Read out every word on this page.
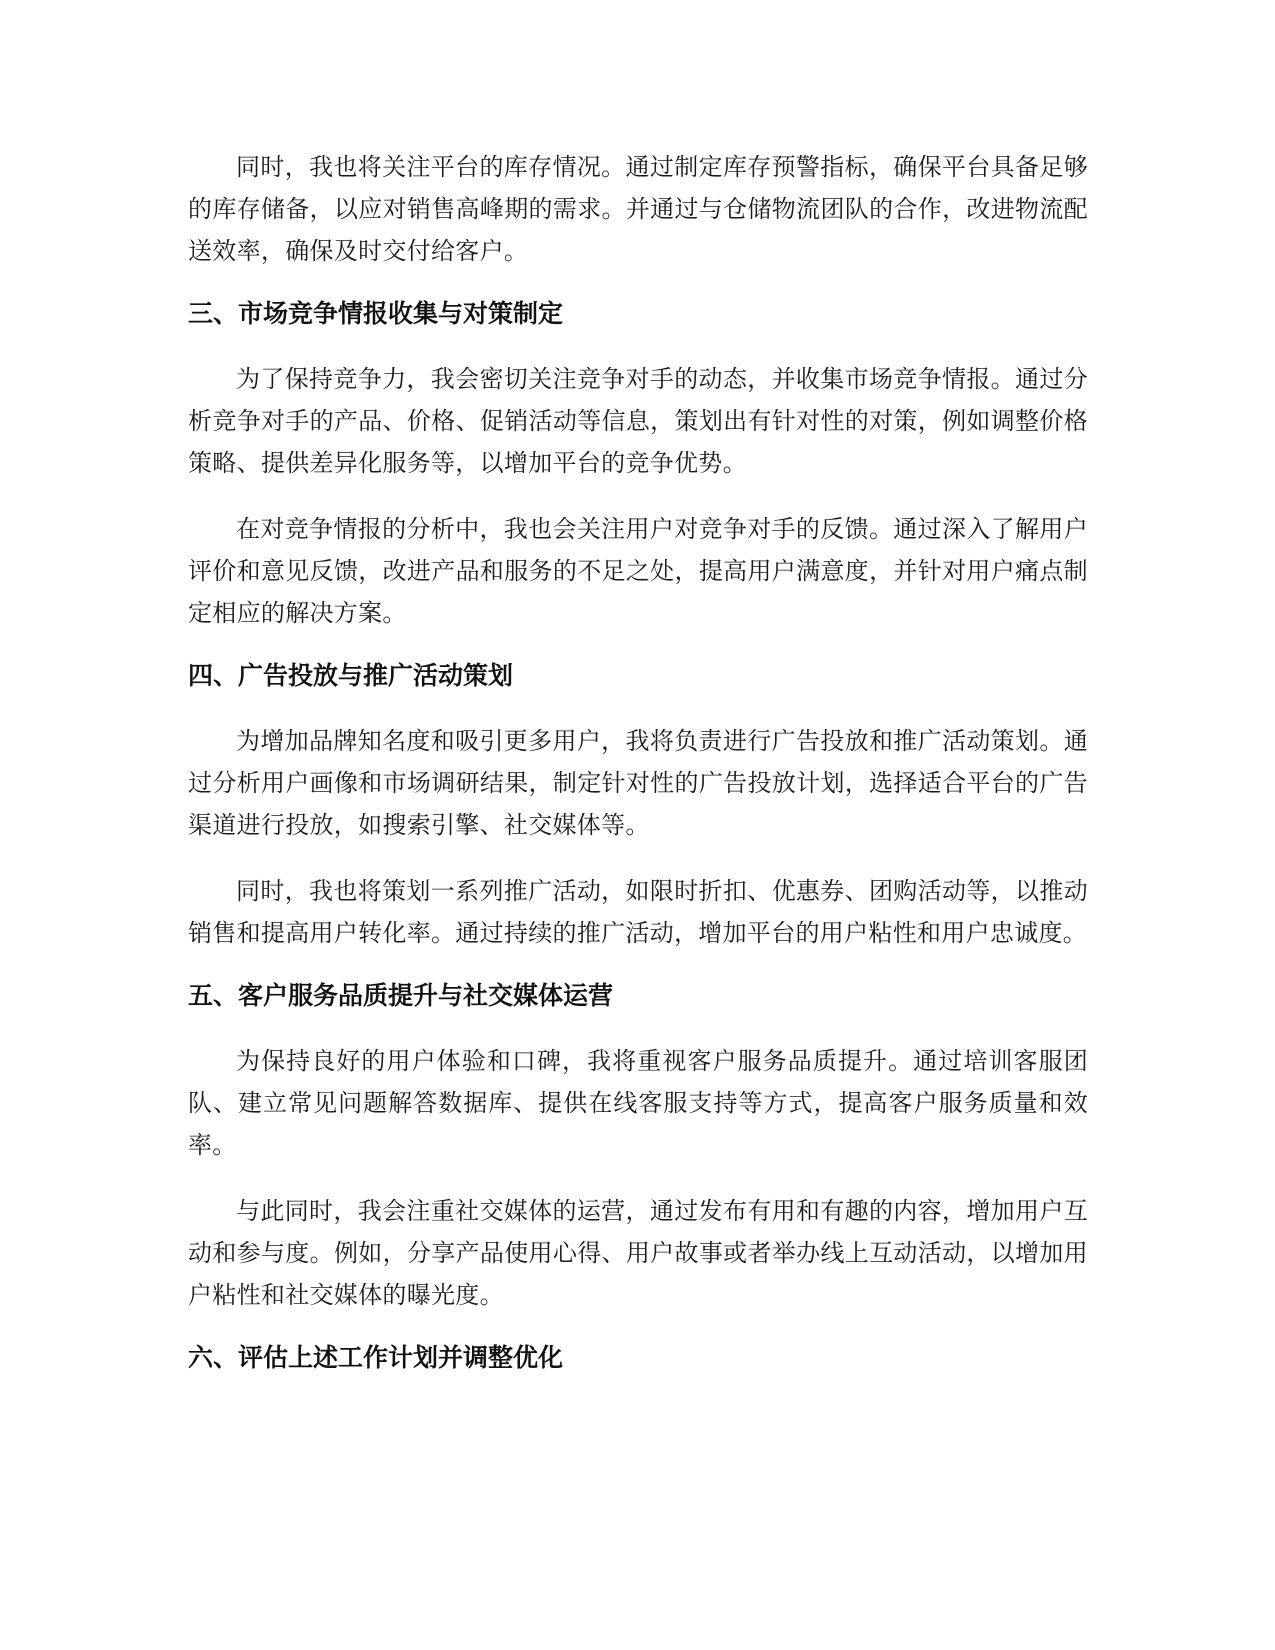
同时，我也将关注平台的库存情况。通过制定库存预警指标，确保平台具备足够的库存储备，以应对销售高峰期的需求。并通过与仓储物流团队的合作，改进物流配送效率，确保及时交付给客户。

三、市场竞争情报收集与对策制定

为了保持竞争力，我会密切关注竞争对手的动态，并收集市场竞争情报。通过分析竞争对手的产品、价格、促销活动等信息，策划出有针对性的对策，例如调整价格策略、提供差异化服务等，以增加平台的竞争优势。

在对竞争情报的分析中，我也会关注用户对竞争对手的反馈。通过深入了解用户评价和意见反馈，改进产品和服务的不足之处，提高用户满意度，并针对用户痛点制定相应的解决方案。

四、广告投放与推广活动策划

为增加品牌知名度和吸引更多用户，我将负责进行广告投放和推广活动策划。通过分析用户画像和市场调研结果，制定针对性的广告投放计划，选择适合平台的广告渠道进行投放，如搜索引擎、社交媒体等。

同时，我也将策划一系列推广活动，如限时折扣、优惠券、团购活动等，以推动销售和提高用户转化率。通过持续的推广活动，增加平台的用户粘性和用户忠诚度。

五、客户服务品质提升与社交媒体运营

为保持良好的用户体验和口碑，我将重视客户服务品质提升。通过培训客服团队、建立常见问题解答数据库、提供在线客服支持等方式，提高客户服务质量和效率。

与此同时，我会注重社交媒体的运营，通过发布有用和有趣的内容，增加用户互动和参与度。例如，分享产品使用心得、用户故事或者举办线上互动活动，以增加用户粘性和社交媒体的曝光度。

六、评估上述工作计划并调整优化
